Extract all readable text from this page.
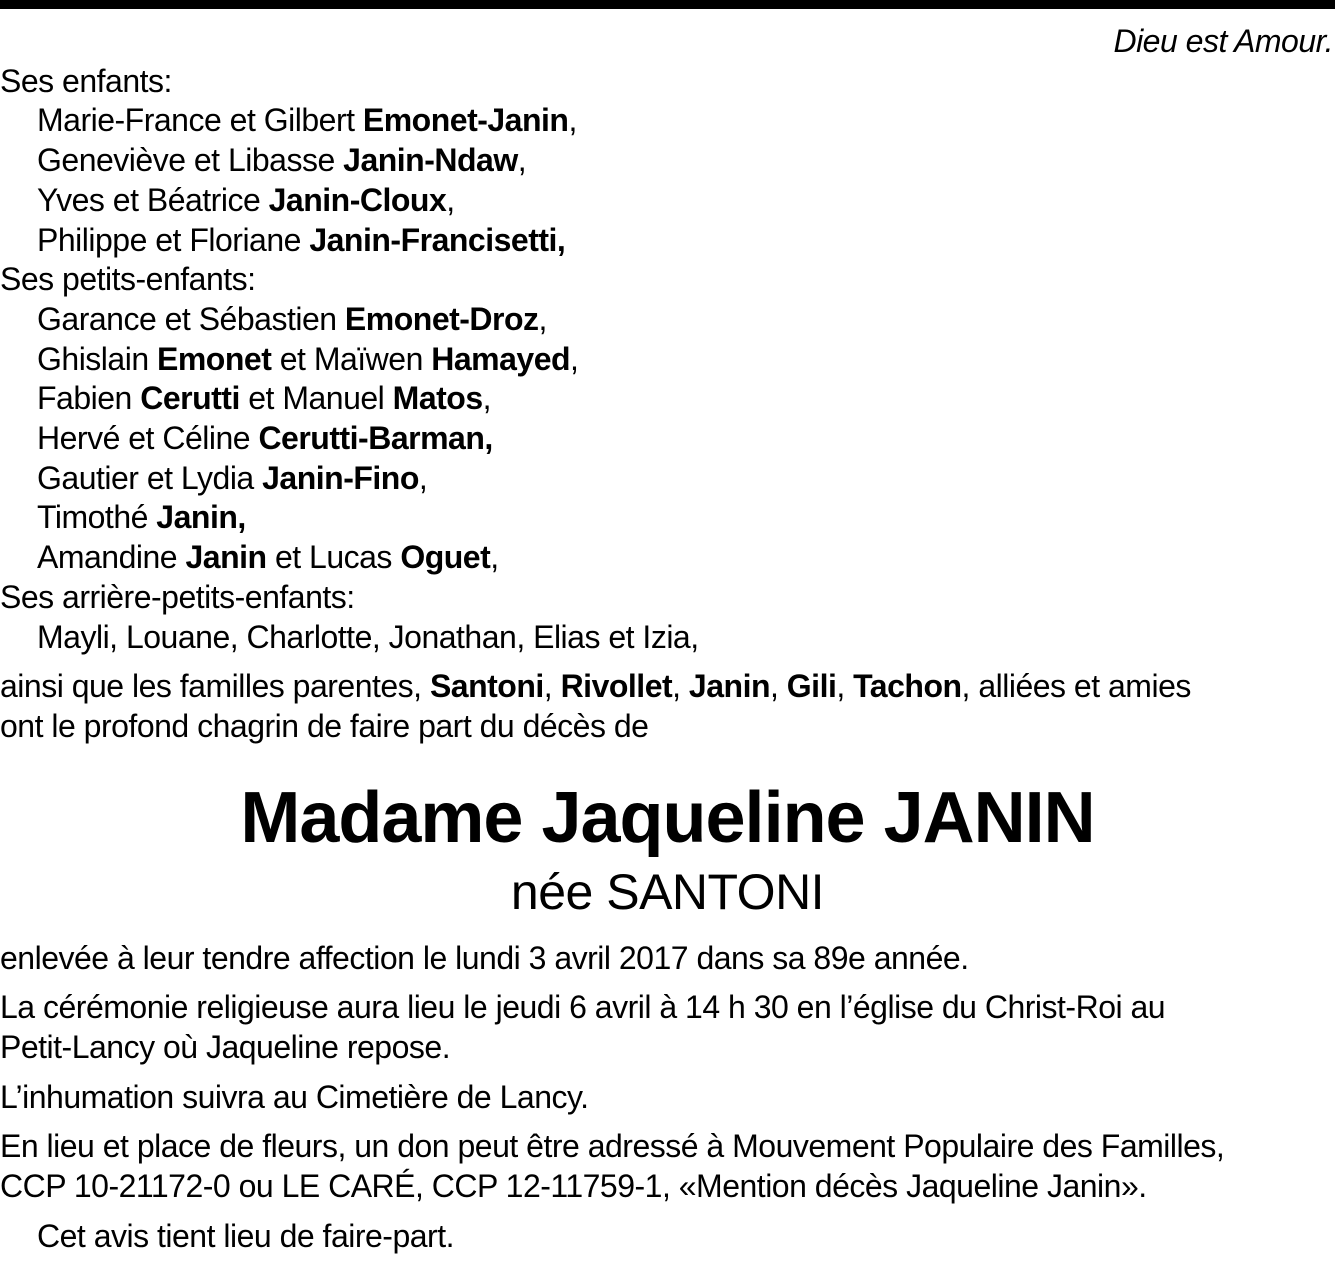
Dieu est Amour.
Ses enfants:
Marie-France et Gilbert Emonet-Janin,
Geneviève et Libasse Janin-Ndaw,
Yves et Béatrice Janin-Cloux,
Philippe et Floriane Janin-Francisetti,
Ses petits-enfants:
Garance et Sébastien Emonet-Droz,
Ghislain Emonet et Maïwen Hamayed,
Fabien Cerutti et Manuel Matos,
Hervé et Céline Cerutti-Barman,
Gautier et Lydia Janin-Fino,
Timothé Janin,
Amandine Janin et Lucas Oguet,
Ses arrière-petits-enfants:
Mayli, Louane, Charlotte, Jonathan, Elias et Izia,
ainsi que les familles parentes, Santoni, Rivollet, Janin, Gili, Tachon, alliées et amies
ont le profond chagrin de faire part du décès de
Madame Jaqueline JANIN
née SANTONI
enlevée à leur tendre affection le lundi 3 avril 2017 dans sa 89e année.
La cérémonie religieuse aura lieu le jeudi 6 avril à 14 h 30 en l’église du Christ-Roi au
Petit-Lancy où Jaqueline repose.
L’inhumation suivra au Cimetière de Lancy.
En lieu et place de fleurs, un don peut être adressé à Mouvement Populaire des Familles,
CCP 10-21172-0 ou LE CARÉ, CCP 12-11759-1, «Mention décès Jaqueline Janin».
Cet avis tient lieu de faire-part.
